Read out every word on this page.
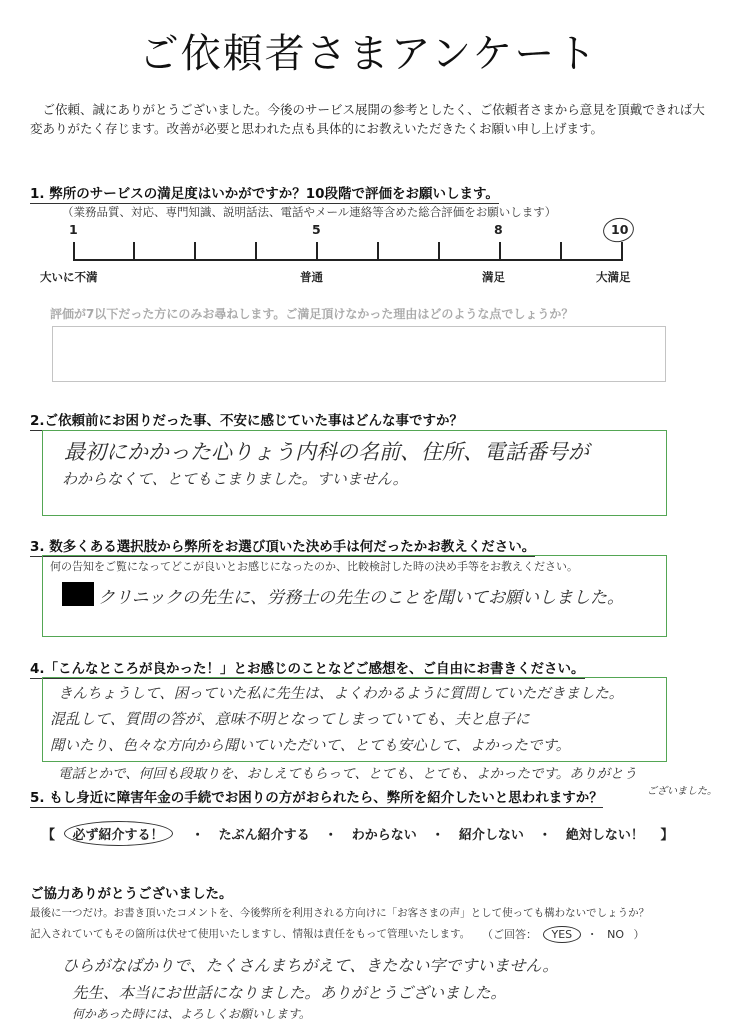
ご依頼者さまアンケート
ご依頼、誠にありがとうございました。今後のサービス展開の参考としたく、ご依頼者さまから意見を頂戴できれば大変ありがたく存じます。改善が必要と思われた点も具体的にお教えいただきたくお願い申し上げます。
1. 弊所のサービスの満足度はいかがですか？10段階で評価をお願いします。
（業務品質、対応、専門知識、説明話法、電話やメール連絡等含めた総合評価をお願いします）
1	5	8	10
大いに不満	普通	満足	大満足
評価が7以下だった方にのみお尋ねします。ご満足頂けなかった理由はどのような点でしょうか？
2.ご依頼前にお困りだった事、不安に感じていた事はどんな事ですか？
最初にかかった心りょう内科の名前、住所、電話番号が
わからなくて、とてもこまりました。すいません。
3. 数多くある選択肢から弊所をお選び頂いた決め手は何だったかお教えください。
何の告知をご覧になってどこが良いとお感じになったのか、比較検討した時の決め手等をお教えください。
クリニックの先生に、労務士の先生のことを聞いてお願いしました。
4.「こんなところが良かった！」とお感じのことなどご感想を、ご自由にお書きください。
きんちょうして、困っていた私に先生は、よくわかるように質問していただきました。
混乱して、質問の答が、意味不明となってしまっていても、夫と息子に
聞いたり、色々な方向から聞いていただいて、とても安心して、よかったです。
電話とかで、何回も段取りを、おしえてもらって、とても、とても、よかったです。ありがとう
ございました。
5. もし身近に障害年金の手続でお困りの方がおられたら、弊所を紹介したいと思われますか？
【 必ず紹介する！ ・ たぶん紹介する ・ わからない ・ 紹介しない ・ 絶対しない！ 】
ご協力ありがとうございました。
最後に一つだけ。お書き頂いたコメントを、今後弊所を利用される方向けに「お客さまの声」として使っても構わないでしょうか？
記入されていてもその箇所は伏せて使用いたしますし、情報は責任をもって管理いたします。 （ご回答： YES ・ NO ）
ひらがなばかりで、たくさんまちがえて、きたない字ですいません。
先生、本当にお世話になりました。ありがとうございました。
何かあった時には、よろしくお願いします。
